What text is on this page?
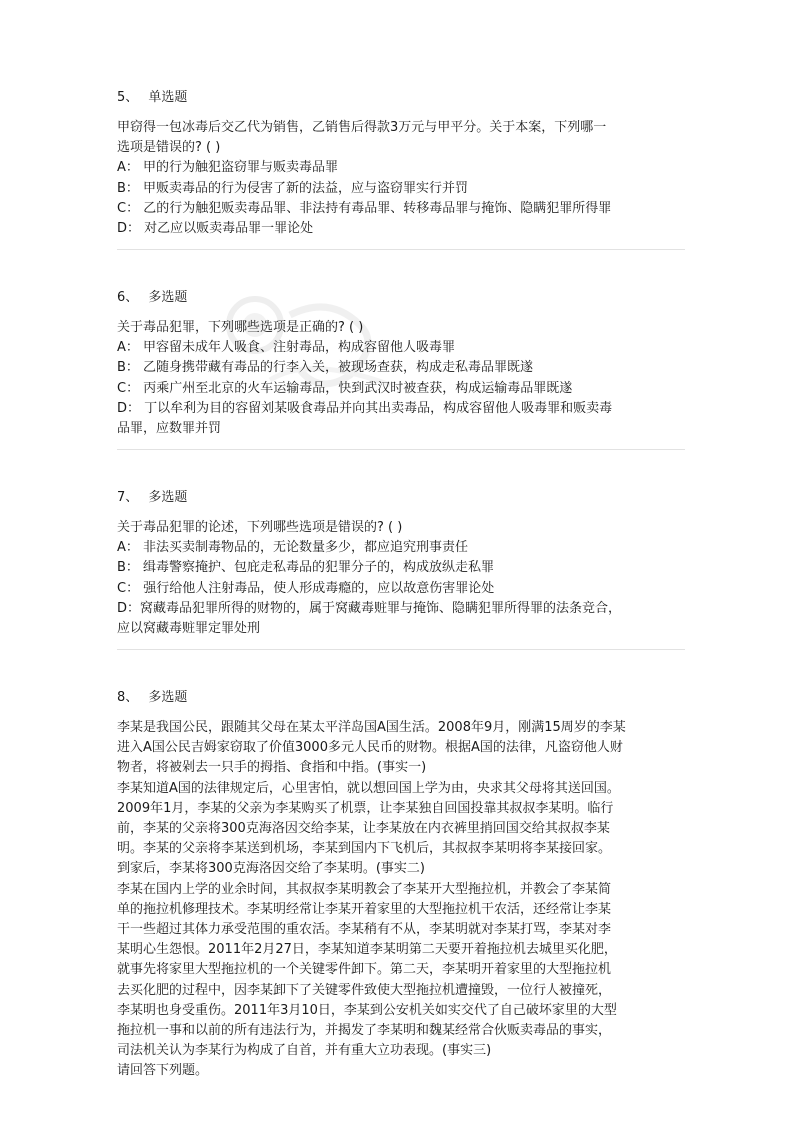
5、 单选题
甲窃得一包冰毒后交乙代为销售，乙销售后得款3万元与甲平分。关于本案，下列哪一
选项是错误的? ( )
A： 甲的行为触犯盗窃罪与贩卖毒品罪
B： 甲贩卖毒品的行为侵害了新的法益，应与盗窃罪实行并罚
C： 乙的行为触犯贩卖毒品罪、非法持有毒品罪、转移毒品罪与掩饰、隐瞒犯罪所得罪
D： 对乙应以贩卖毒品罪一罪论处
6、 多选题
关于毒品犯罪，下列哪些选项是正确的? ( )
A： 甲容留未成年人吸食、注射毒品，构成容留他人吸毒罪
B： 乙随身携带藏有毒品的行李入关，被现场查获，构成走私毒品罪既遂
C： 丙乘广州至北京的火车运输毒品，快到武汉时被查获，构成运输毒品罪既遂
D： 丁以牟利为目的容留刘某吸食毒品并向其出卖毒品，构成容留他人吸毒罪和贩卖毒
品罪，应数罪并罚
7、 多选题
关于毒品犯罪的论述，下列哪些选项是错误的? ( )
A： 非法买卖制毒物品的，无论数量多少，都应追究刑事责任
B： 缉毒警察掩护、包庇走私毒品的犯罪分子的，构成放纵走私罪
C： 强行给他人注射毒品，使人形成毒瘾的，应以故意伤害罪论处
D：窝藏毒品犯罪所得的财物的，属于窝藏毒赃罪与掩饰、隐瞒犯罪所得罪的法条竞合，
应以窝藏毒赃罪定罪处刑
8、 多选题
李某是我国公民，跟随其父母在某太平洋岛国A国生活。2008年9月，刚满15周岁的李某
进入A国公民吉姆家窃取了价值3000多元人民币的财物。根据A国的法律，凡盗窃他人财
物者，将被剁去一只手的拇指、食指和中指。(事实一)
李某知道A国的法律规定后，心里害怕，就以想回国上学为由，央求其父母将其送回国。
2009年1月，李某的父亲为李某购买了机票，让李某独自回国投靠其叔叔李某明。临行
前，李某的父亲将300克海洛因交给李某，让李某放在内衣裤里捎回国交给其叔叔李某
明。李某的父亲将李某送到机场，李某到国内下飞机后，其叔叔李某明将李某接回家。
到家后，李某将300克海洛因交给了李某明。(事实二)
李某在国内上学的业余时间，其叔叔李某明教会了李某开大型拖拉机，并教会了李某简
单的拖拉机修理技术。李某明经常让李某开着家里的大型拖拉机干农活，还经常让李某
干一些超过其体力承受范围的重农活。李某稍有不从，李某明就对李某打骂，李某对李
某明心生怨恨。2011年2月27日，李某知道李某明第二天要开着拖拉机去城里买化肥，
就事先将家里大型拖拉机的一个关键零件卸下。第二天，李某明开着家里的大型拖拉机
去买化肥的过程中，因李某卸下了关键零件致使大型拖拉机遭撞毁，一位行人被撞死，
李某明也身受重伤。2011年3月10日，李某到公安机关如实交代了自己破坏家里的大型
拖拉机一事和以前的所有违法行为，并揭发了李某明和魏某经常合伙贩卖毒品的事实，
司法机关认为李某行为构成了自首，并有重大立功表现。(事实三)
请回答下列题。
